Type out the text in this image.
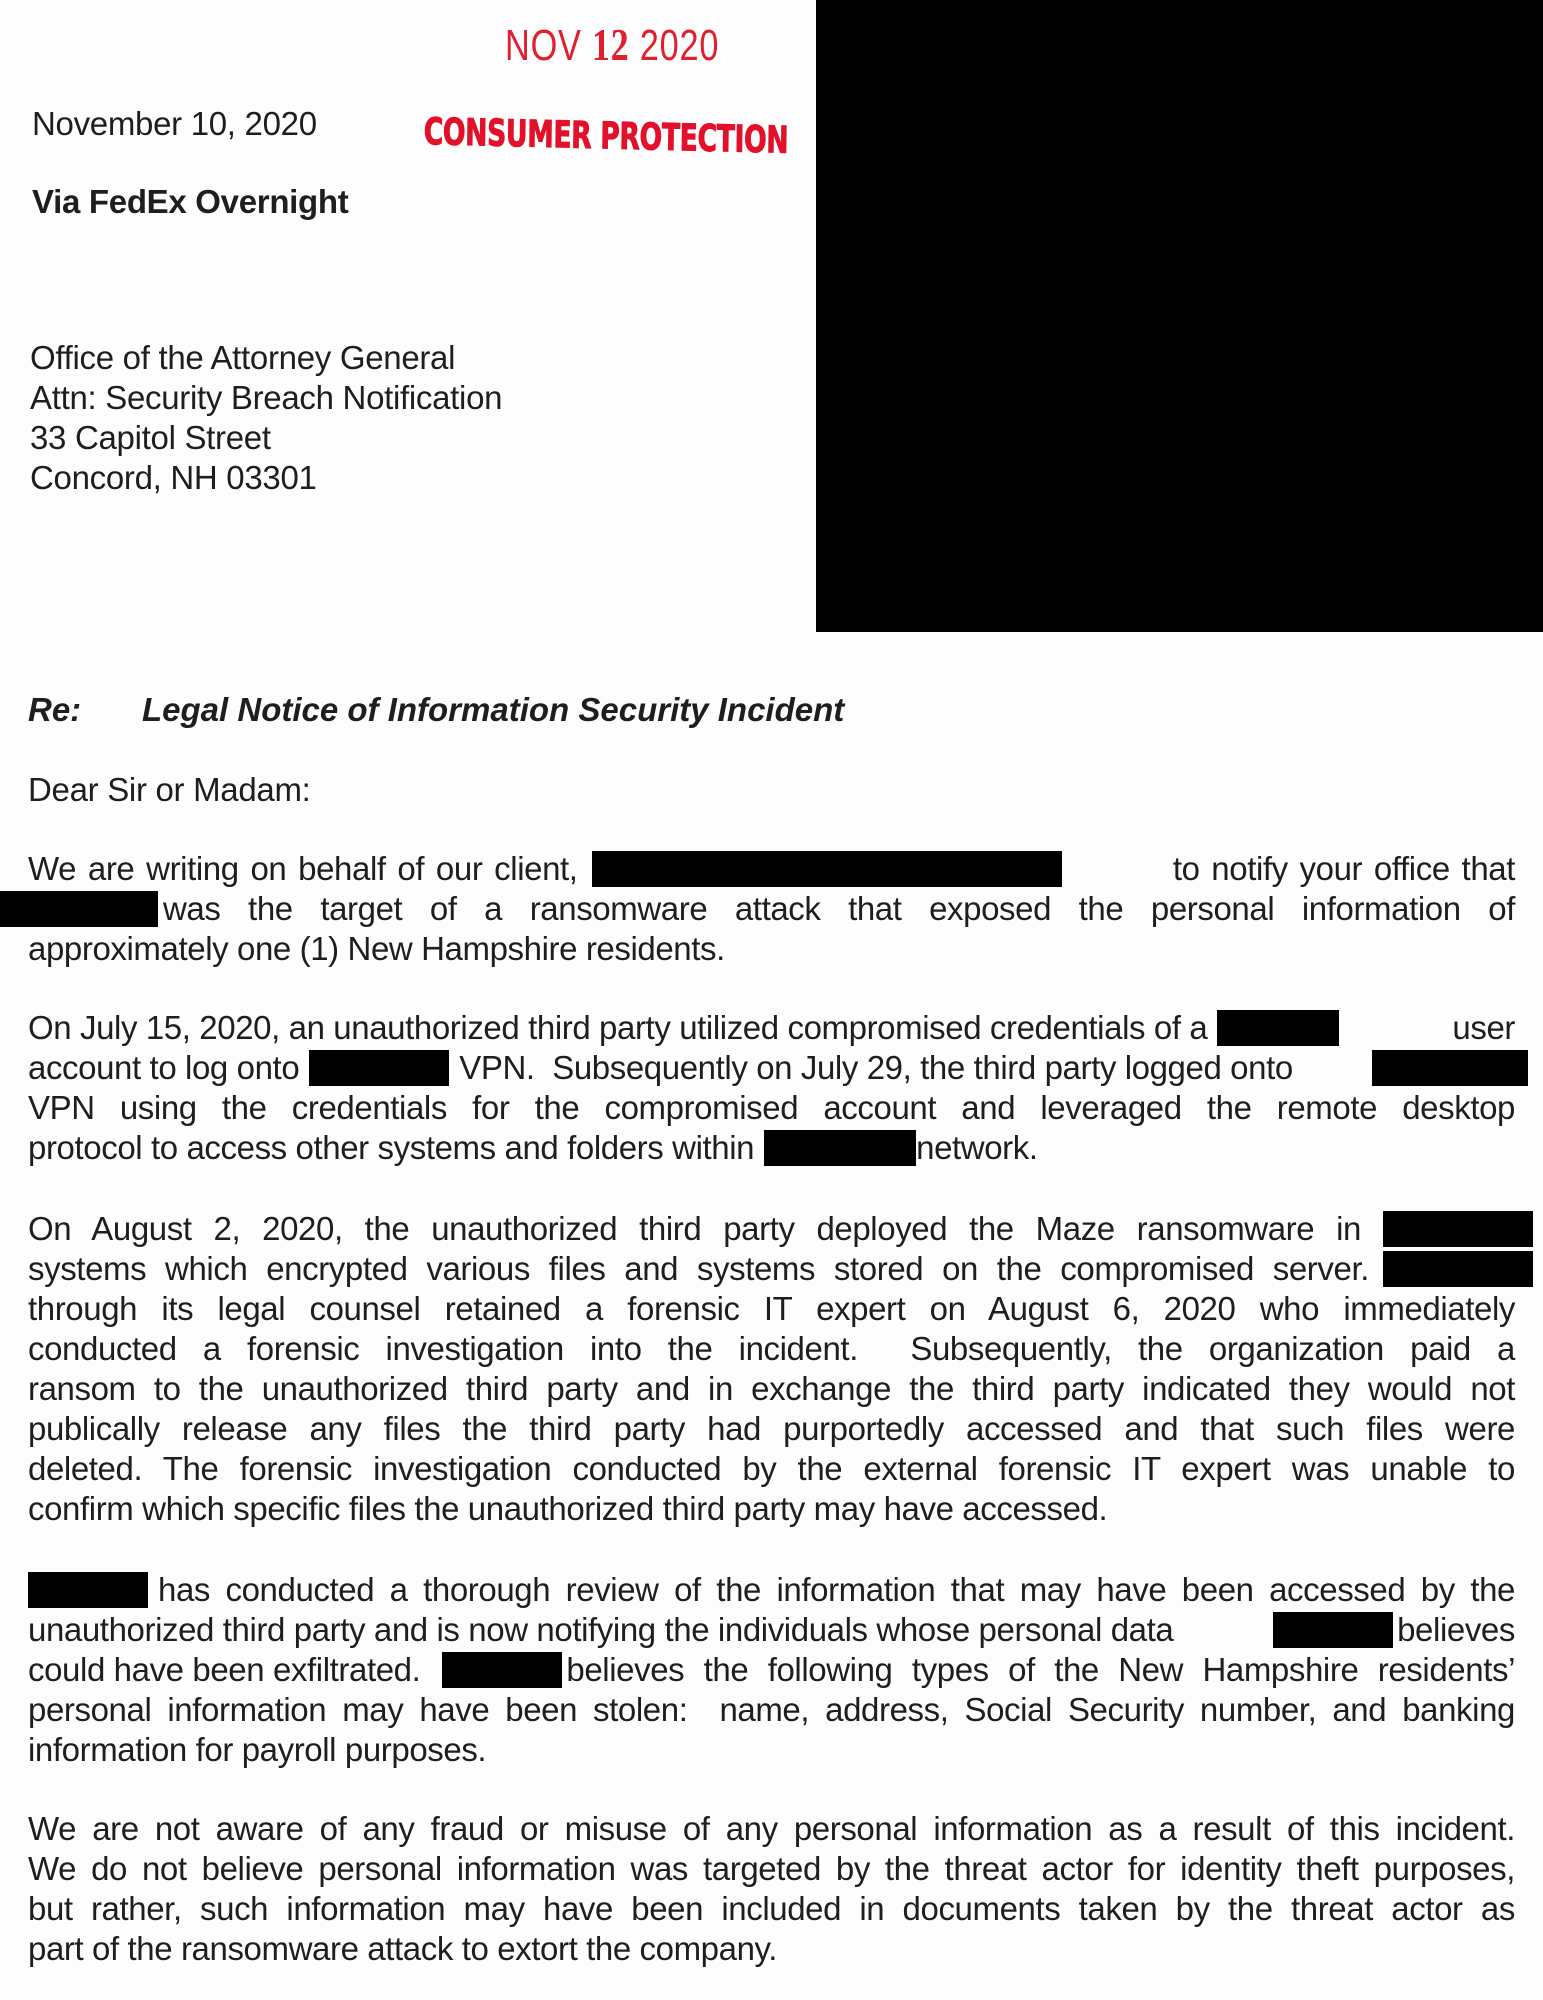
NOV 12 2020
CONSUMER PROTECTION
November 10, 2020
Via FedEx Overnight
Office of the Attorney General
Attn: Security Breach Notification
33 Capitol Street
Concord, NH 03301
Re: Legal Notice of Information Security Incident
Dear Sir or Madam:
We are writing on behalf of our client,	to notify your office that
was the target of a ransomware attack that exposed the personal information of
approximately one (1) New Hampshire residents.
On July 15, 2020, an unauthorized third party utilized compromised credentials of a	user
account to log onto	VPN.  Subsequently on July 29, the third party logged onto
VPN using the credentials for the compromised account and leveraged the remote desktop
protocol to access other systems and folders within	network.
On August 2, 2020, the unauthorized third party deployed the Maze ransomware in
systems which encrypted various files and systems stored on the compromised server.
through its legal counsel retained a forensic IT expert on August 6, 2020 who immediately
conducted a forensic investigation into the incident.  Subsequently, the organization paid a
ransom to the unauthorized third party and in exchange the third party indicated they would not
publically release any files the third party had purportedly accessed and that such files were
deleted. The forensic investigation conducted by the external forensic IT expert was unable to
confirm which specific files the unauthorized third party may have accessed.
has conducted a thorough review of the information that may have been accessed by the
unauthorized third party and is now notifying the individuals whose personal data	believes
could have been exfiltrated.	believes the following types of the New Hampshire residents’
personal information may have been stolen:  name, address, Social Security number, and banking
information for payroll purposes.
We are not aware of any fraud or misuse of any personal information as a result of this incident.
We do not believe personal information was targeted by the threat actor for identity theft purposes,
but rather, such information may have been included in documents taken by the threat actor as
part of the ransomware attack to extort the company.
